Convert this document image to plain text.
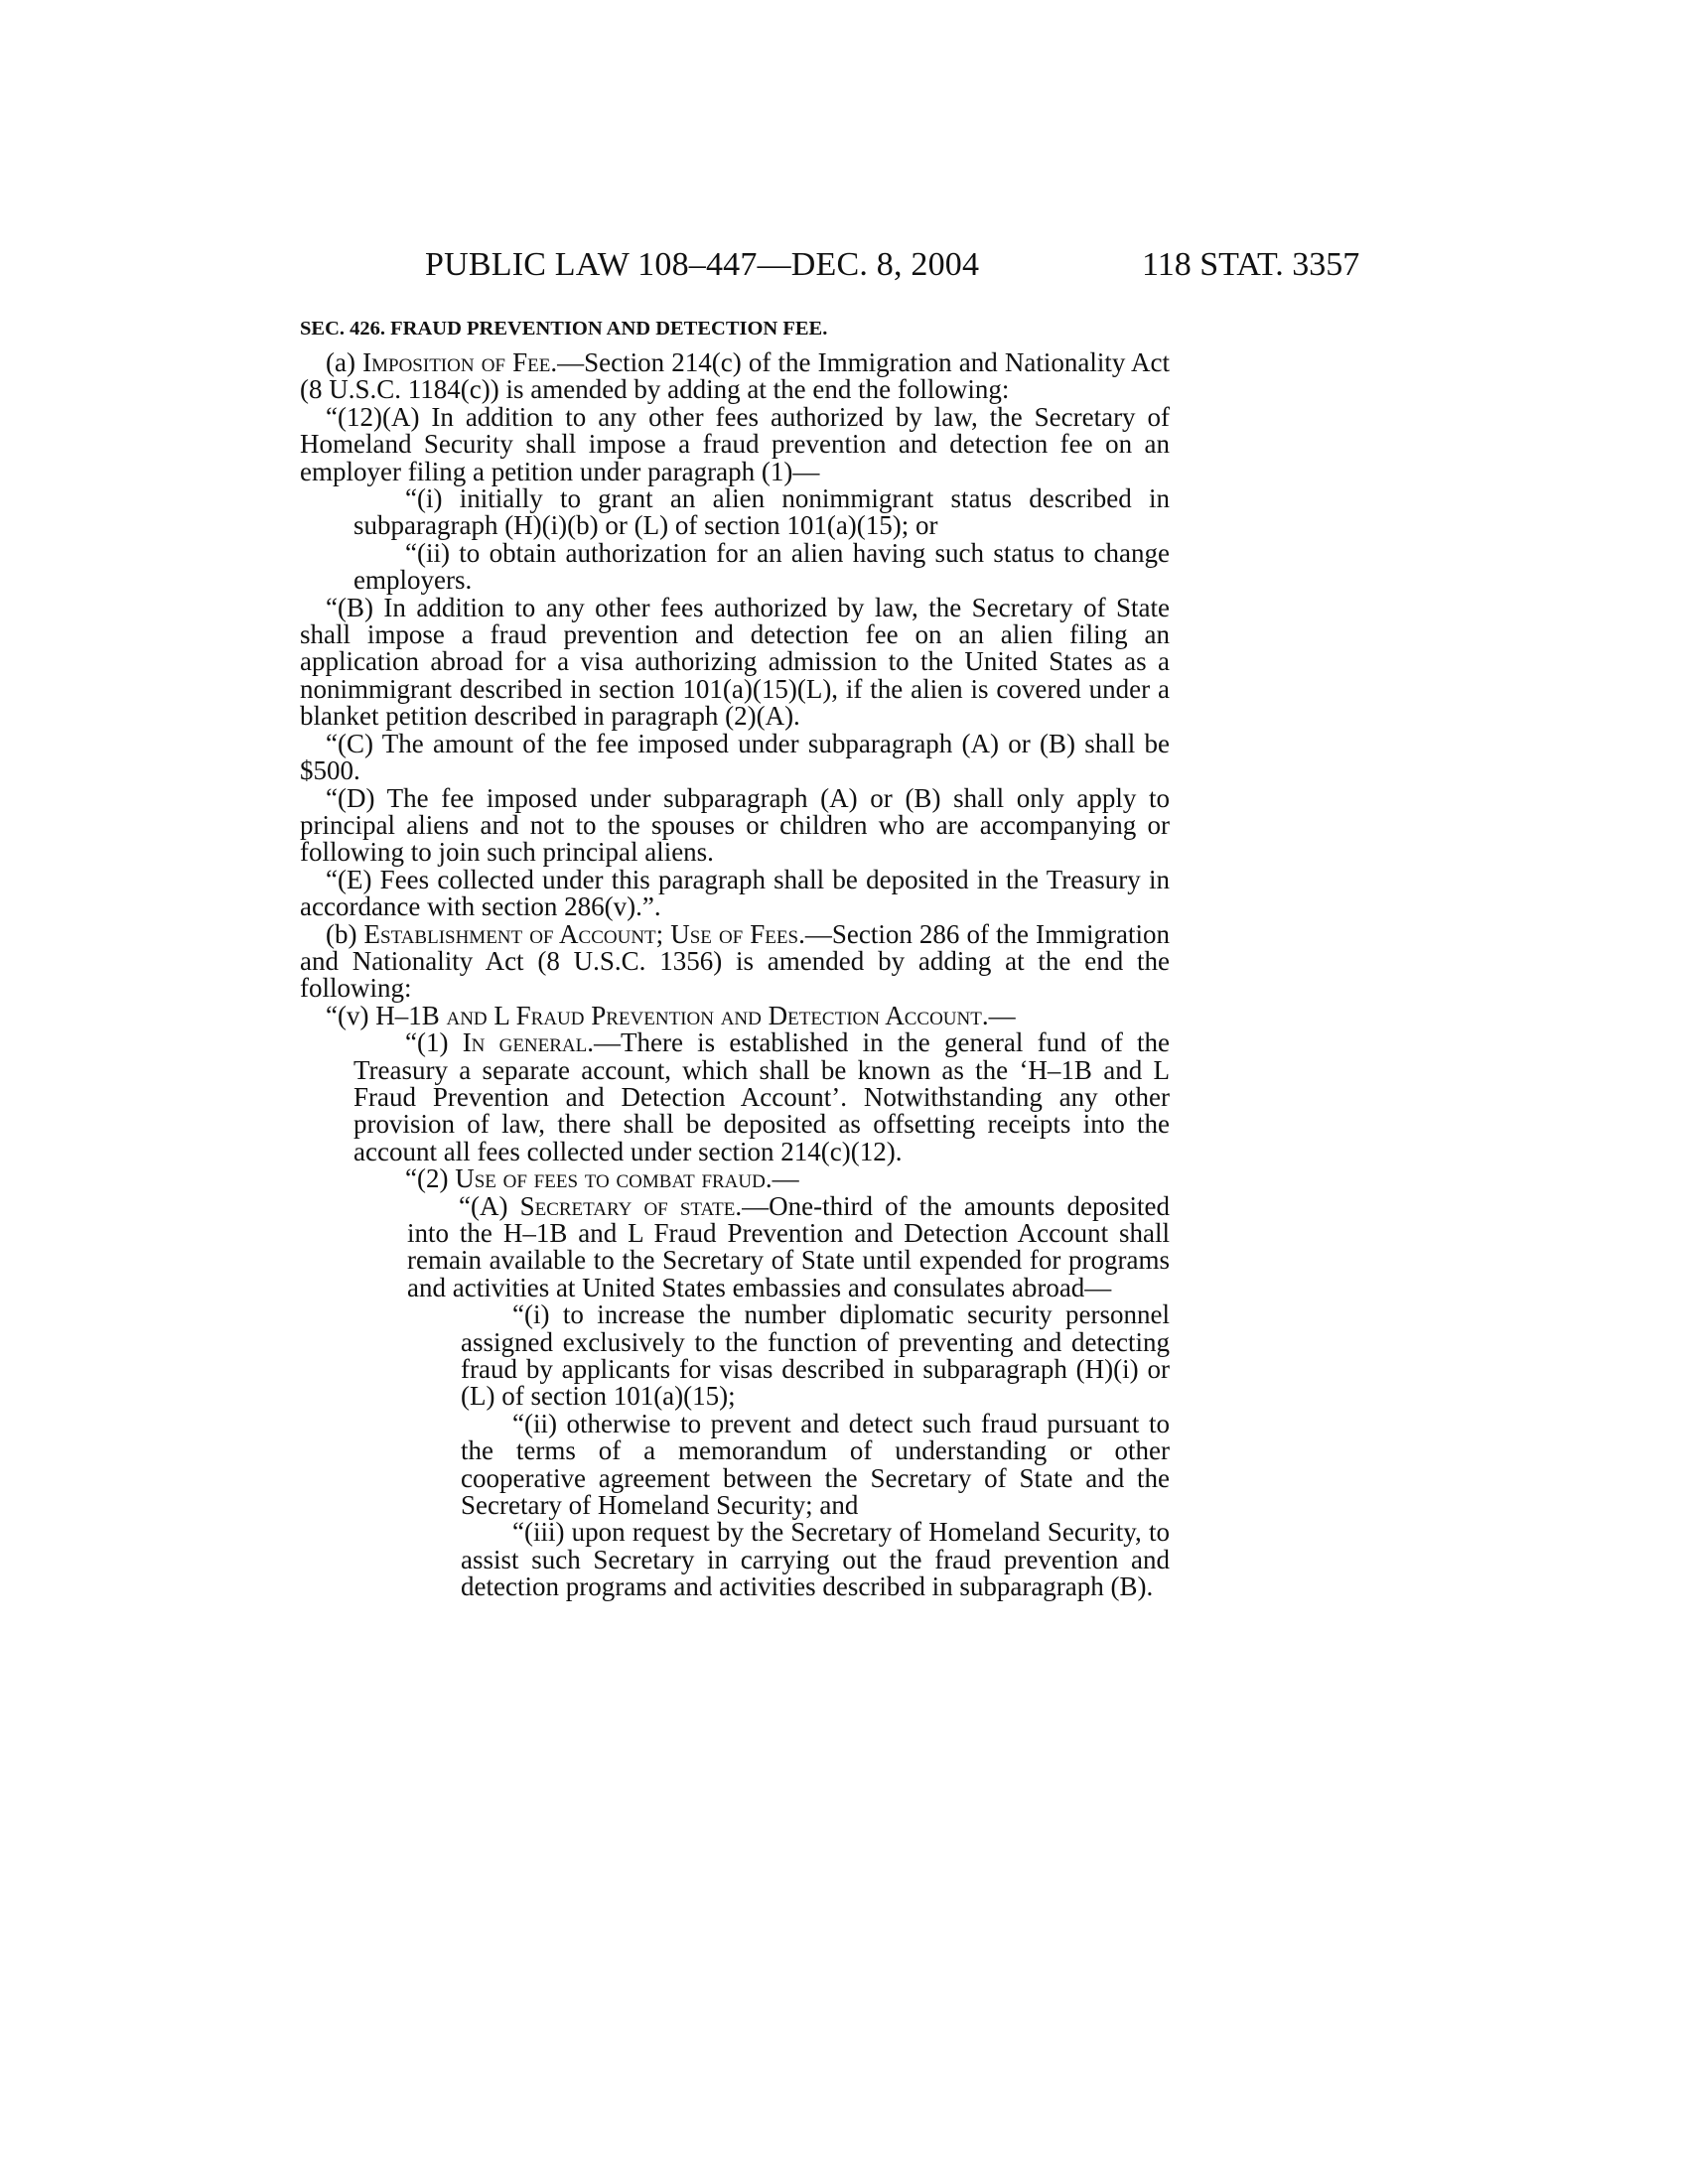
PUBLIC LAW 108–447—DEC. 8, 2004	118 STAT. 3357
SEC. 426. FRAUD PREVENTION AND DETECTION FEE.

(a) Imposition of Fee.—Section 214(c) of the Immigration and Nationality Act (8 U.S.C. 1184(c)) is amended by adding at the end the following:

“(12)(A) In addition to any other fees authorized by law, the Secretary of Homeland Security shall impose a fraud prevention and detection fee on an employer filing a petition under paragraph (1)—

“(i) initially to grant an alien nonimmigrant status described in subparagraph (H)(i)(b) or (L) of section 101(a)(15); or

“(ii) to obtain authorization for an alien having such status to change employers.

“(B) In addition to any other fees authorized by law, the Secretary of State shall impose a fraud prevention and detection fee on an alien filing an application abroad for a visa authorizing admission to the United States as a nonimmigrant described in section 101(a)(15)(L), if the alien is covered under a blanket petition described in paragraph (2)(A).

“(C) The amount of the fee imposed under subparagraph (A) or (B) shall be $500.

“(D) The fee imposed under subparagraph (A) or (B) shall only apply to principal aliens and not to the spouses or children who are accompanying or following to join such principal aliens.

“(E) Fees collected under this paragraph shall be deposited in the Treasury in accordance with section 286(v).”.

(b) Establishment of Account; Use of Fees.—Section 286 of the Immigration and Nationality Act (8 U.S.C. 1356) is amended by adding at the end the following:

“(v) H–1B and L Fraud Prevention and Detection Account.—

“(1) In general.—There is established in the general fund of the Treasury a separate account, which shall be known as the ‘H–1B and L Fraud Prevention and Detection Account’. Notwithstanding any other provision of law, there shall be deposited as offsetting receipts into the account all fees collected under section 214(c)(12).

“(2) Use of fees to combat fraud.—

“(A) Secretary of state.—One-third of the amounts deposited into the H–1B and L Fraud Prevention and Detection Account shall remain available to the Secretary of State until expended for programs and activities at United States embassies and consulates abroad—

“(i) to increase the number diplomatic security personnel assigned exclusively to the function of preventing and detecting fraud by applicants for visas described in subparagraph (H)(i) or (L) of section 101(a)(15);

“(ii) otherwise to prevent and detect such fraud pursuant to the terms of a memorandum of understanding or other cooperative agreement between the Secretary of State and the Secretary of Homeland Security; and

“(iii) upon request by the Secretary of Homeland Security, to assist such Secretary in carrying out the fraud prevention and detection programs and activities described in subparagraph (B).
